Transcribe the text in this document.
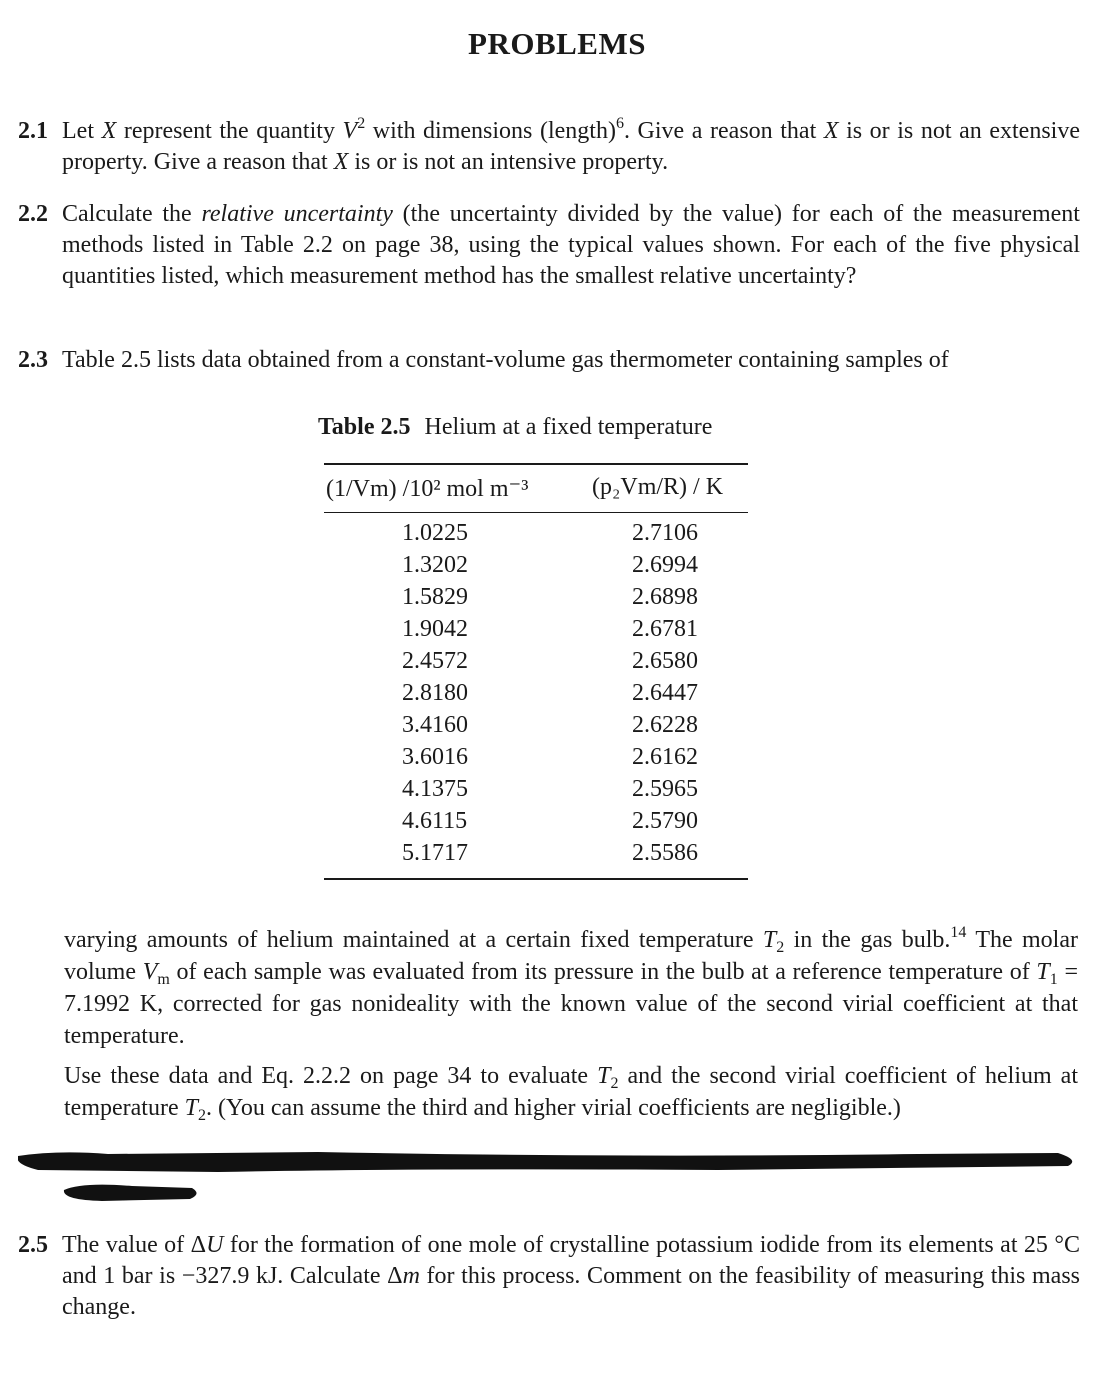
PROBLEMS
2.1 Let X represent the quantity $V^2$ with dimensions (length)$^6$. Give a reason that X is or is not an extensive property. Give a reason that X is or is not an intensive property.
2.2 Calculate the relative uncertainty (the uncertainty divided by the value) for each of the measurement methods listed in Table 2.2 on page 38, using the typical values shown. For each of the five physical quantities listed, which measurement method has the smallest relative uncertainty?
2.3 Table 2.5 lists data obtained from a constant-volume gas thermometer containing samples of
Table 2.5 Helium at a fixed temperature
(1/Vm) /10² mol m⁻³	(p₂Vm/R) / K
1.0225	2.7106
1.3202	2.6994
1.5829	2.6898
1.9042	2.6781
2.4572	2.6580
2.8180	2.6447
3.4160	2.6228
3.6016	2.6162
4.1375	2.5965
4.6115	2.5790
5.1717	2.5586

varying amounts of helium maintained at a certain fixed temperature $T_2$ in the gas bulb.$^{14}$ The molar volume $V_m$ of each sample was evaluated from its pressure in the bulb at a reference temperature of $T_1 = 7.1992$ K, corrected for gas nonideality with the known value of the second virial coefficient at that temperature.

Use these data and Eq. 2.2.2 on page 34 to evaluate $T_2$ and the second virial coefficient of helium at temperature $T_2$. (You can assume the third and higher virial coefficients are negligible.)

2.5 The value of ΔU for the formation of one mole of crystalline potassium iodide from its elements at 25 °C and 1 bar is −327.9 kJ. Calculate Δm for this process. Comment on the feasibility of measuring this mass change.
